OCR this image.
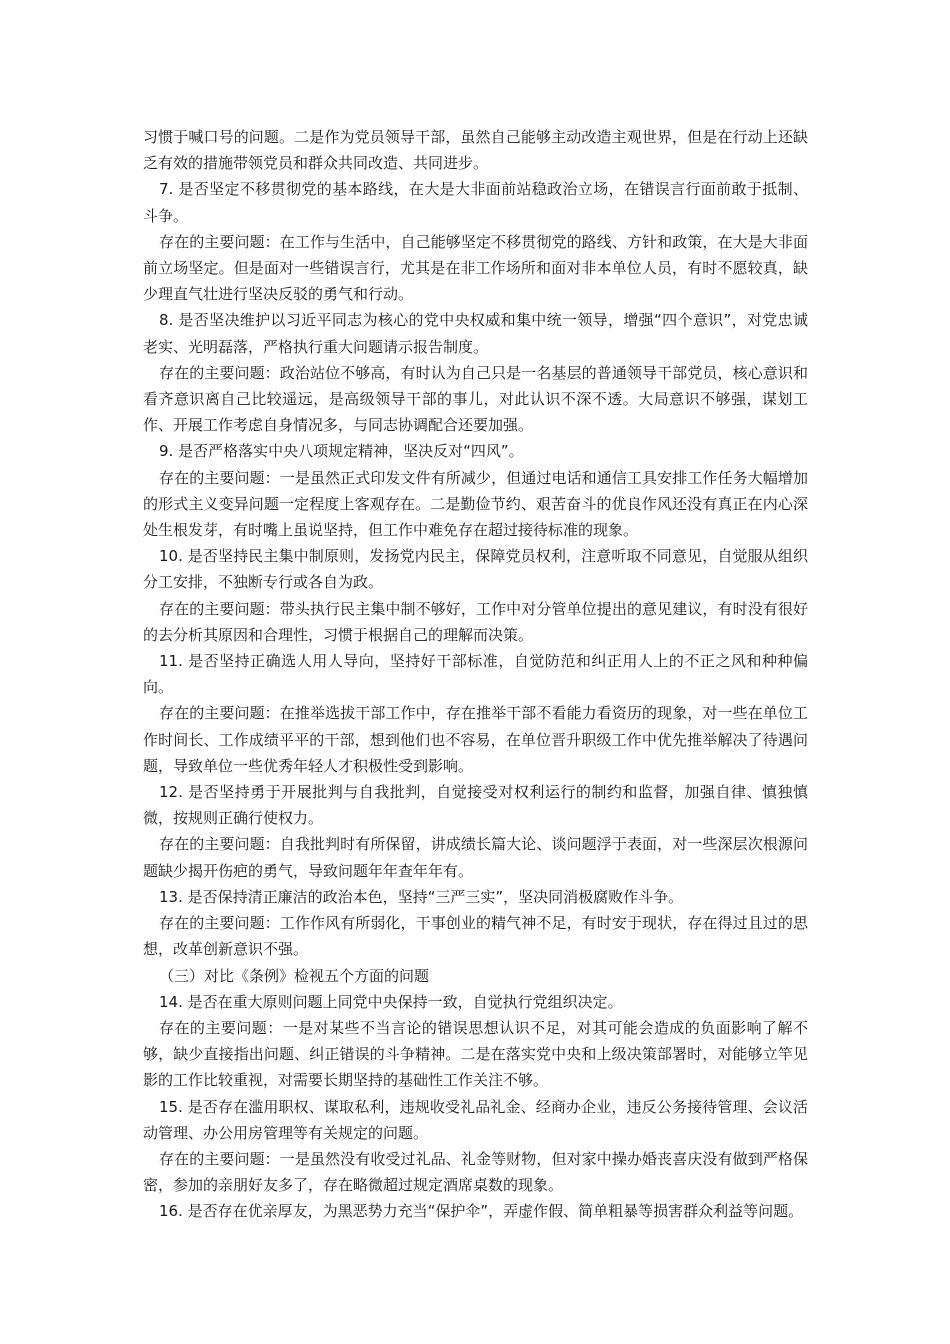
习惯于喊口号的问题。二是作为党员领导干部，虽然自己能够主动改造主观世界，但是在行动上还缺乏有效的措施带领党员和群众共同改造、共同进步。

7. 是否坚定不移贯彻党的基本路线，在大是大非面前站稳政治立场，在错误言行面前敢于抵制、斗争。

存在的主要问题：在工作与生活中，自己能够坚定不移贯彻党的路线、方针和政策，在大是大非面前立场坚定。但是面对一些错误言行，尤其是在非工作场所和面对非本单位人员，有时不愿较真，缺少理直气壮进行坚决反驳的勇气和行动。

8. 是否坚决维护以习近平同志为核心的党中央权威和集中统一领导，增强“四个意识”，对党忠诚老实、光明磊落，严格执行重大问题请示报告制度。

存在的主要问题：政治站位不够高，有时认为自己只是一名基层的普通领导干部党员，核心意识和看齐意识离自己比较遥远，是高级领导干部的事儿，对此认识不深不透。大局意识不够强，谋划工作、开展工作考虑自身情况多，与同志协调配合还要加强。

9. 是否严格落实中央八项规定精神，坚决反对“四风”。

存在的主要问题：一是虽然正式印发文件有所减少，但通过电话和通信工具安排工作任务大幅增加的形式主义变异问题一定程度上客观存在。二是勤俭节约、艰苦奋斗的优良作风还没有真正在内心深处生根发芽，有时嘴上虽说坚持，但工作中难免存在超过接待标准的现象。

10. 是否坚持民主集中制原则，发扬党内民主，保障党员权利，注意听取不同意见，自觉服从组织分工安排，不独断专行或各自为政。

存在的主要问题：带头执行民主集中制不够好，工作中对分管单位提出的意见建议，有时没有很好的去分析其原因和合理性，习惯于根据自己的理解而决策。

11. 是否坚持正确选人用人导向，坚持好干部标准，自觉防范和纠正用人上的不正之风和种种偏向。

存在的主要问题：在推举选拔干部工作中，存在推举干部不看能力看资历的现象，对一些在单位工作时间长、工作成绩平平的干部，想到他们也不容易，在单位晋升职级工作中优先推举解决了待遇问题，导致单位一些优秀年轻人才积极性受到影响。

12. 是否坚持勇于开展批判与自我批判，自觉接受对权利运行的制约和监督，加强自律、慎独慎微，按规则正确行使权力。

存在的主要问题：自我批判时有所保留，讲成绩长篇大论、谈问题浮于表面，对一些深层次根源问题缺少揭开伤疤的勇气，导致问题年年查年年有。

13. 是否保持清正廉洁的政治本色，坚持“三严三实”，坚决同消极腐败作斗争。

存在的主要问题：工作作风有所弱化，干事创业的精气神不足，有时安于现状，存在得过且过的思想，改革创新意识不强。

（三）对比《条例》检视五个方面的问题

14. 是否在重大原则问题上同党中央保持一致，自觉执行党组织决定。

存在的主要问题：一是对某些不当言论的错误思想认识不足，对其可能会造成的负面影响了解不够，缺少直接指出问题、纠正错误的斗争精神。二是在落实党中央和上级决策部署时，对能够立竿见影的工作比较重视，对需要长期坚持的基础性工作关注不够。

15. 是否存在滥用职权、谋取私利，违规收受礼品礼金、经商办企业，违反公务接待管理、会议活动管理、办公用房管理等有关规定的问题。

存在的主要问题：一是虽然没有收受过礼品、礼金等财物，但对家中操办婚丧喜庆没有做到严格保密，参加的亲朋好友多了，存在略微超过规定酒席桌数的现象。

16. 是否存在优亲厚友，为黑恶势力充当“保护伞”，弄虚作假、简单粗暴等损害群众利益等问题。
